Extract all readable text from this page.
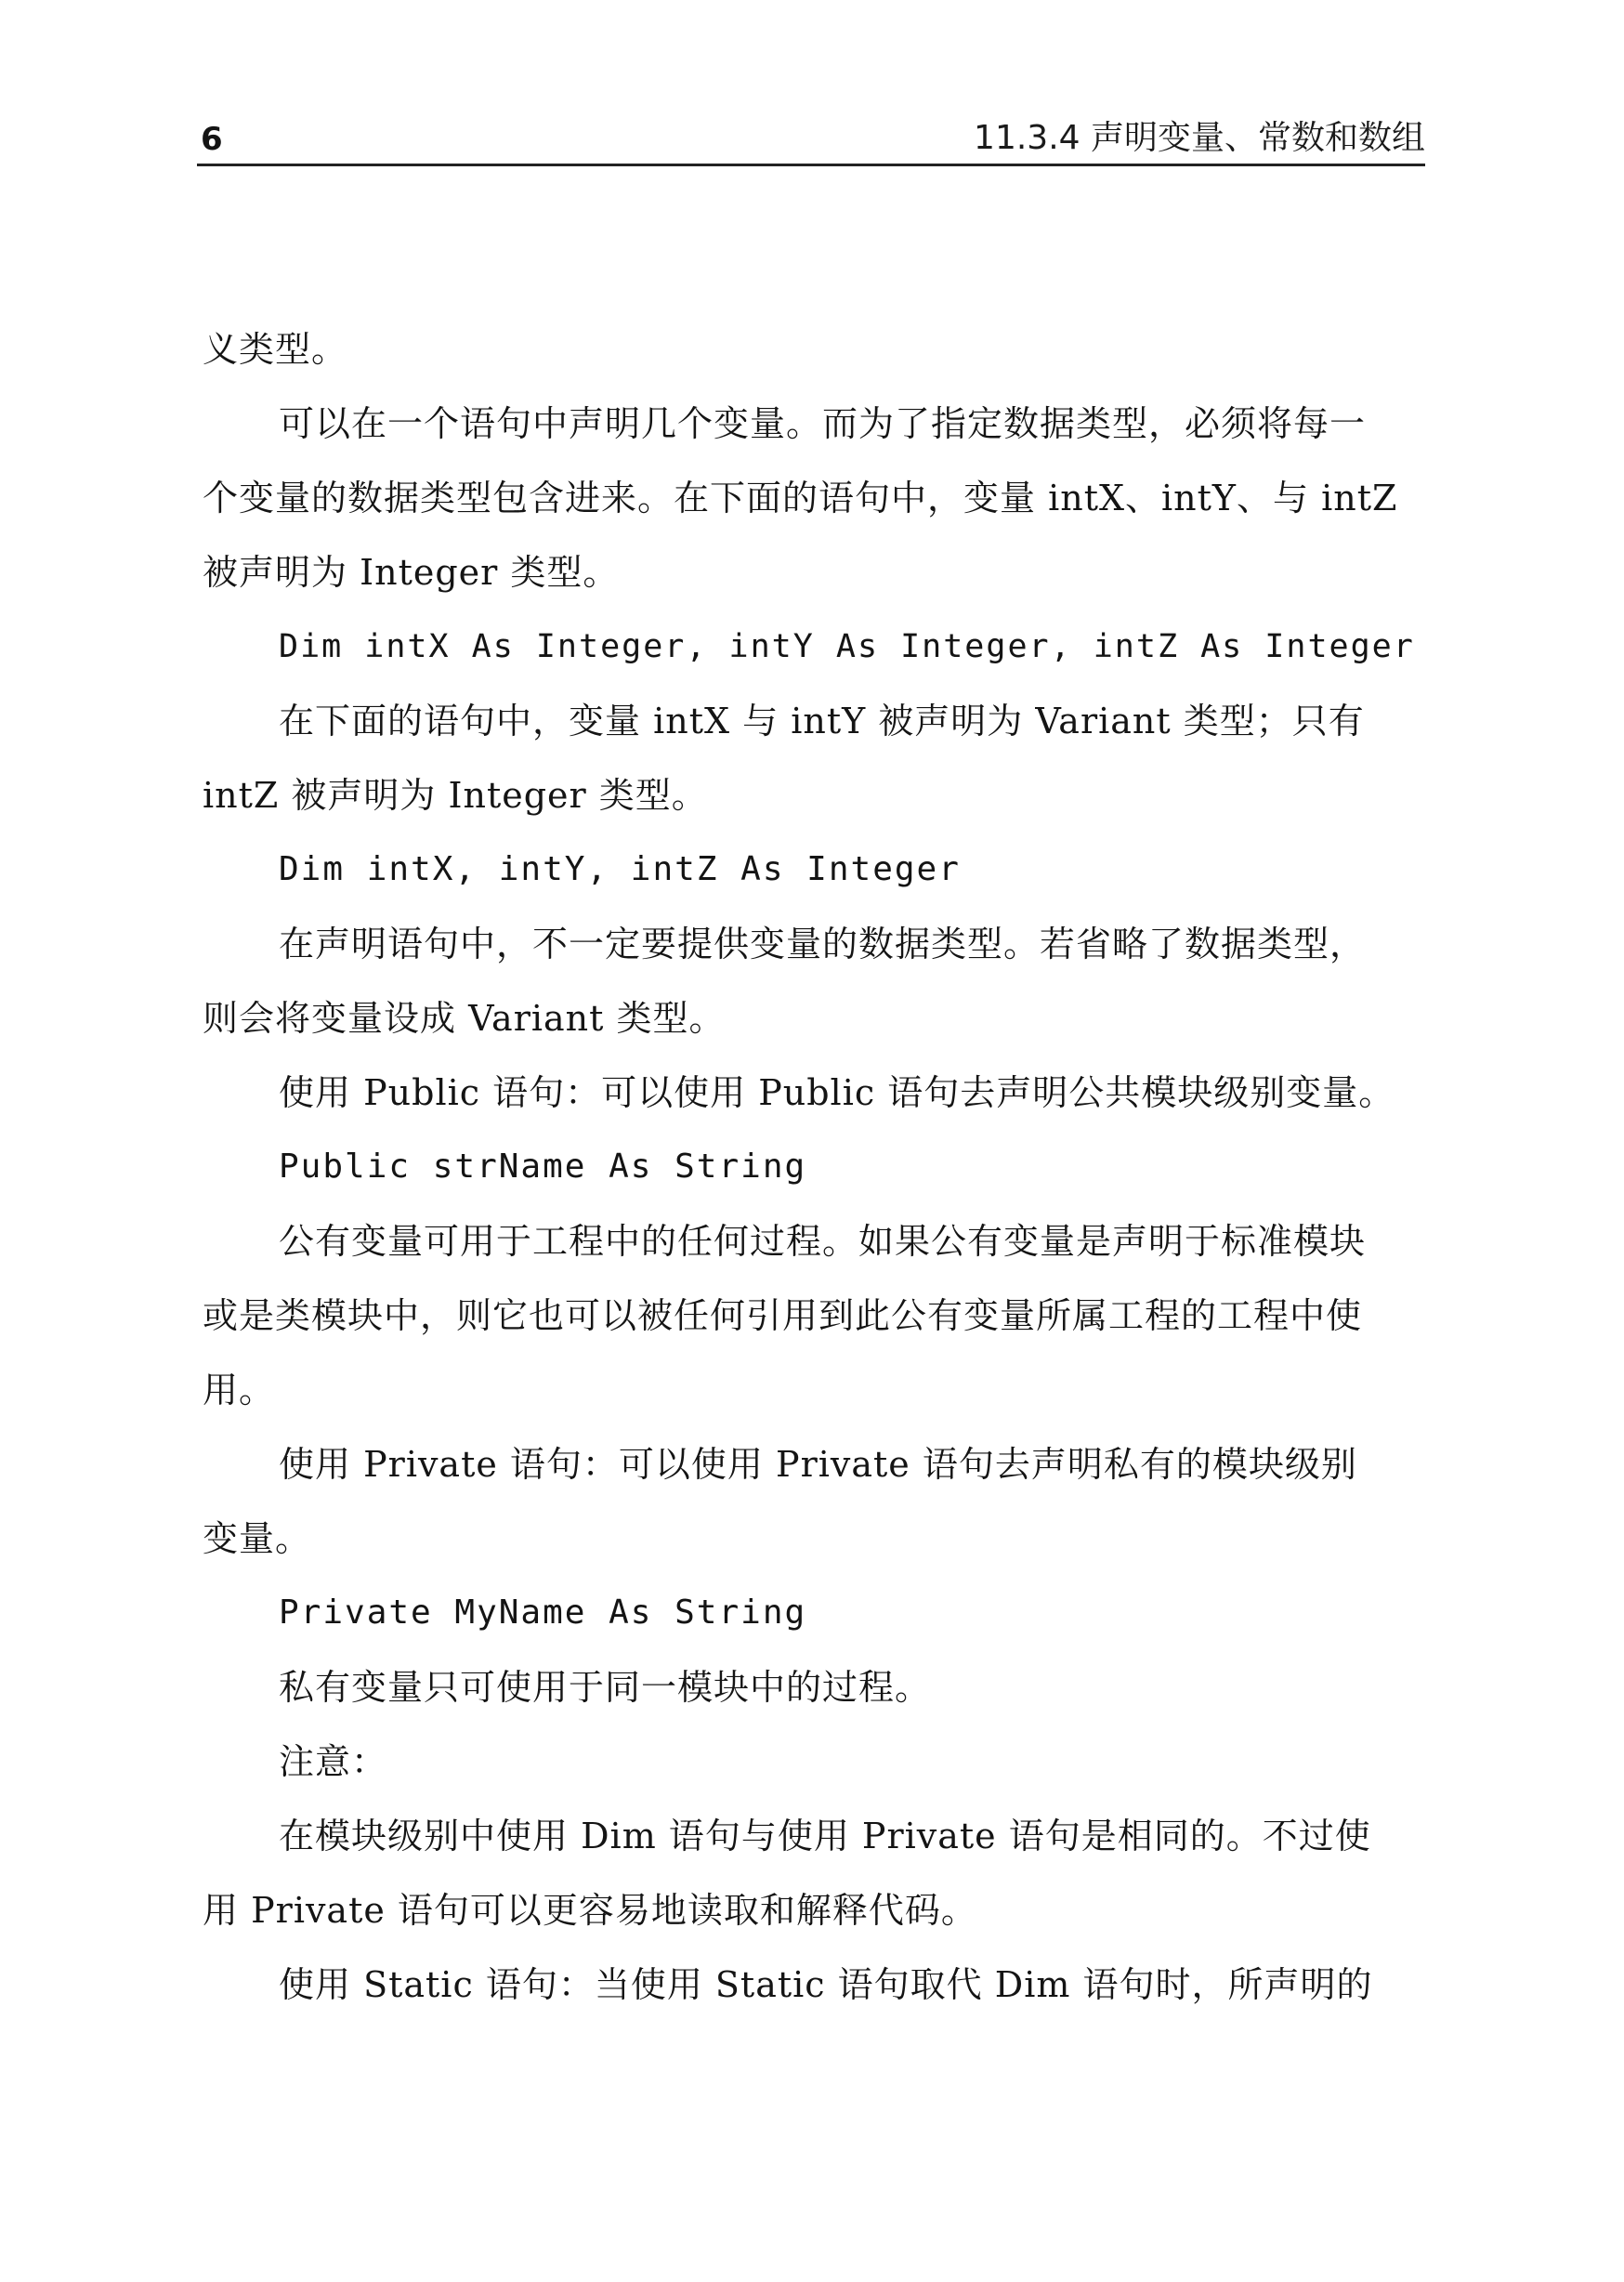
6	11.3.4 声明变量、常数和数组
义类型。
可以在一个语句中声明几个变量。而为了指定数据类型，必须将每一
个变量的数据类型包含进来。在下面的语句中，变量 intX、intY、与 intZ
被声明为 Integer 类型。
Dim intX As Integer, intY As Integer, intZ As Integer
在下面的语句中，变量 intX 与 intY 被声明为 Variant 类型；只有
intZ 被声明为 Integer 类型。
Dim intX, intY, intZ As Integer
在声明语句中，不一定要提供变量的数据类型。若省略了数据类型，
则会将变量设成 Variant 类型。
使用 Public 语句：可以使用 Public 语句去声明公共模块级别变量。
Public strName As String
公有变量可用于工程中的任何过程。如果公有变量是声明于标准模块
或是类模块中，则它也可以被任何引用到此公有变量所属工程的工程中使
用。
使用 Private 语句：可以使用 Private 语句去声明私有的模块级别
变量。
Private MyName As String
私有变量只可使用于同一模块中的过程。
注意：
在模块级别中使用 Dim 语句与使用 Private 语句是相同的。不过使
用 Private 语句可以更容易地读取和解释代码。
使用 Static 语句：当使用 Static 语句取代 Dim 语句时，所声明的
